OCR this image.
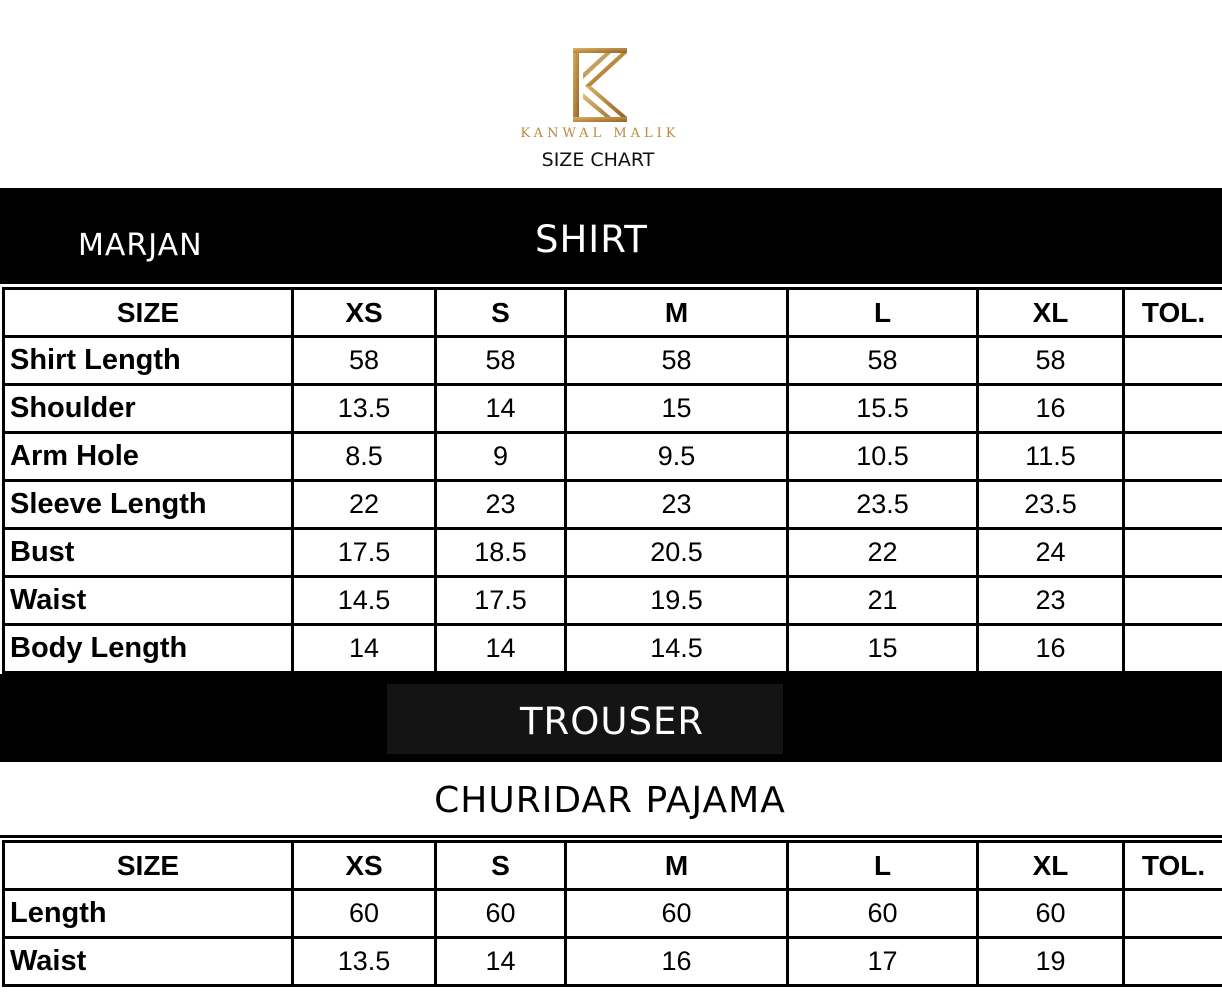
KANWAL MALIK
SIZE CHART
MARJAN	SHIRT
SIZE	XS	S	M	L	XL	TOL.
Shirt Length	58	58	58	58	58	
Shoulder	13.5	14	15	15.5	16	
Arm Hole	8.5	9	9.5	10.5	11.5	
Sleeve Length	22	23	23	23.5	23.5	
Bust	17.5	18.5	20.5	22	24	
Waist	14.5	17.5	19.5	21	23	
Body Length	14	14	14.5	15	16	
TROUSER
CHURIDAR PAJAMA
SIZE	XS	S	M	L	XL	TOL.
Length	60	60	60	60	60	
Waist	13.5	14	16	17	19	
